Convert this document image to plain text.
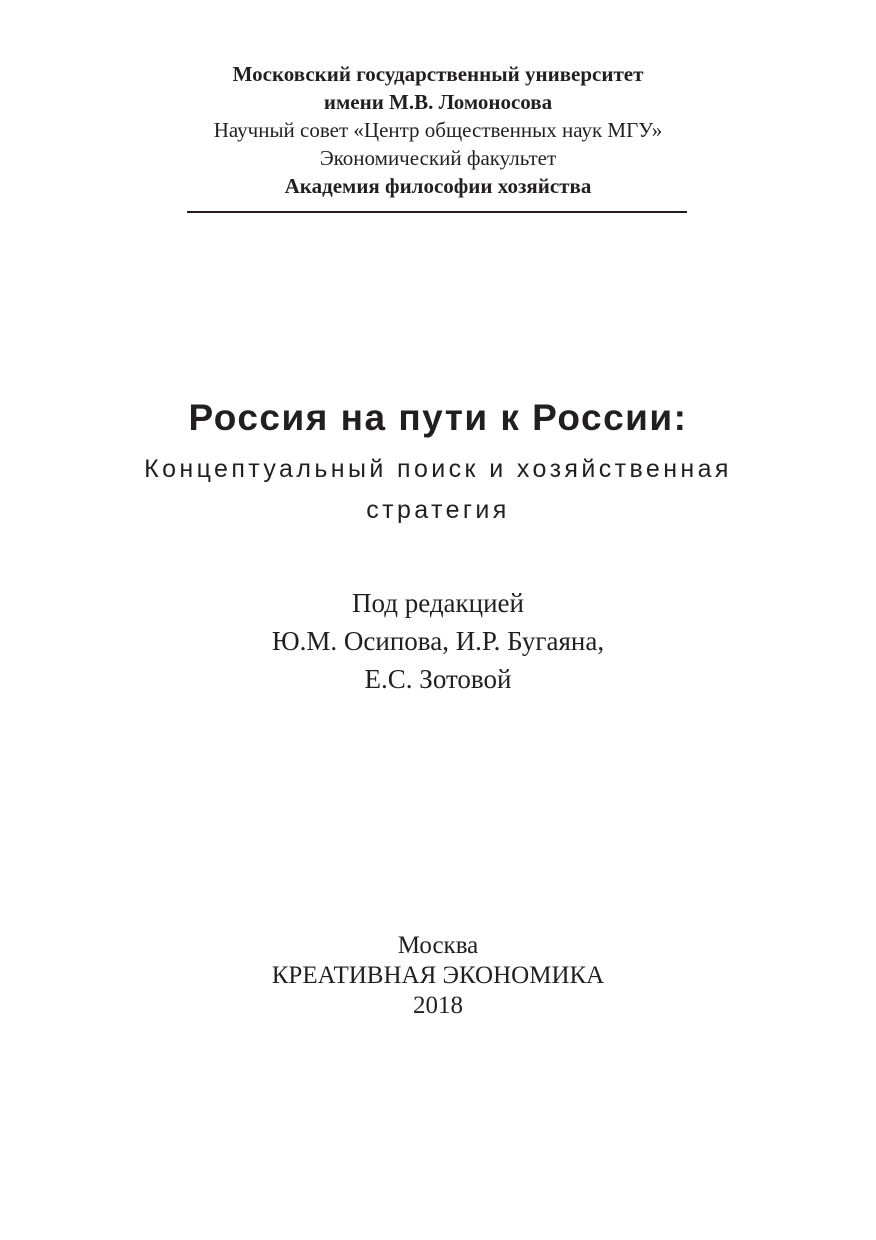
Московский государственный университет
имени М.В. Ломоносова
Научный совет «Центр общественных наук МГУ»
Экономический факультет
Академия философии хозяйства
Россия на пути к России:
Концептуальный поиск и хозяйственная
стратегия
Под редакцией
Ю.М. Осипова, И.Р. Бугаяна,
Е.С. Зотовой
Москва
КРЕАТИВНАЯ ЭКОНОМИКА
2018
